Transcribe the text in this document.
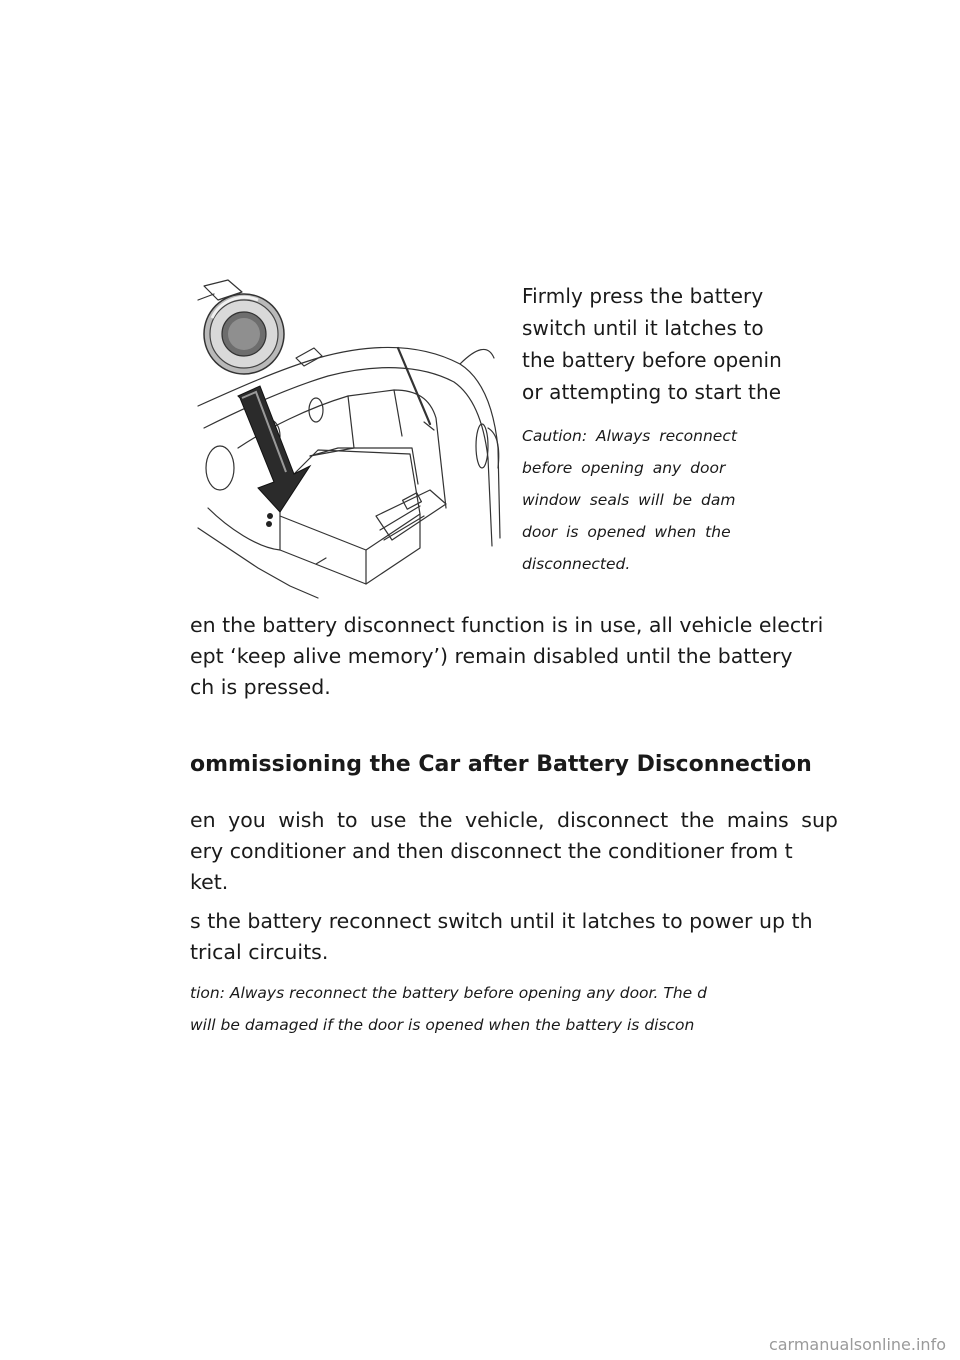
Firmly press the battery
switch until it latches to
the battery before openin
or attempting to start the
Caution: Always reconnect
before opening any door
window seals will be dam
door is opened when the
disconnected.
en the battery disconnect function is in use, all vehicle electri
ept ‘keep alive memory’) remain disabled until the battery
ch is pressed.
ommissioning the Car after Battery Disconnection
en you wish to use the vehicle, disconnect the mains sup
ery conditioner and then disconnect the conditioner from t
ket.
s the battery reconnect switch until it latches to power up th
trical circuits.
tion: Always reconnect the battery before opening any door. The d
will be damaged if the door is opened when the battery is discon
carmanualsonline.info
